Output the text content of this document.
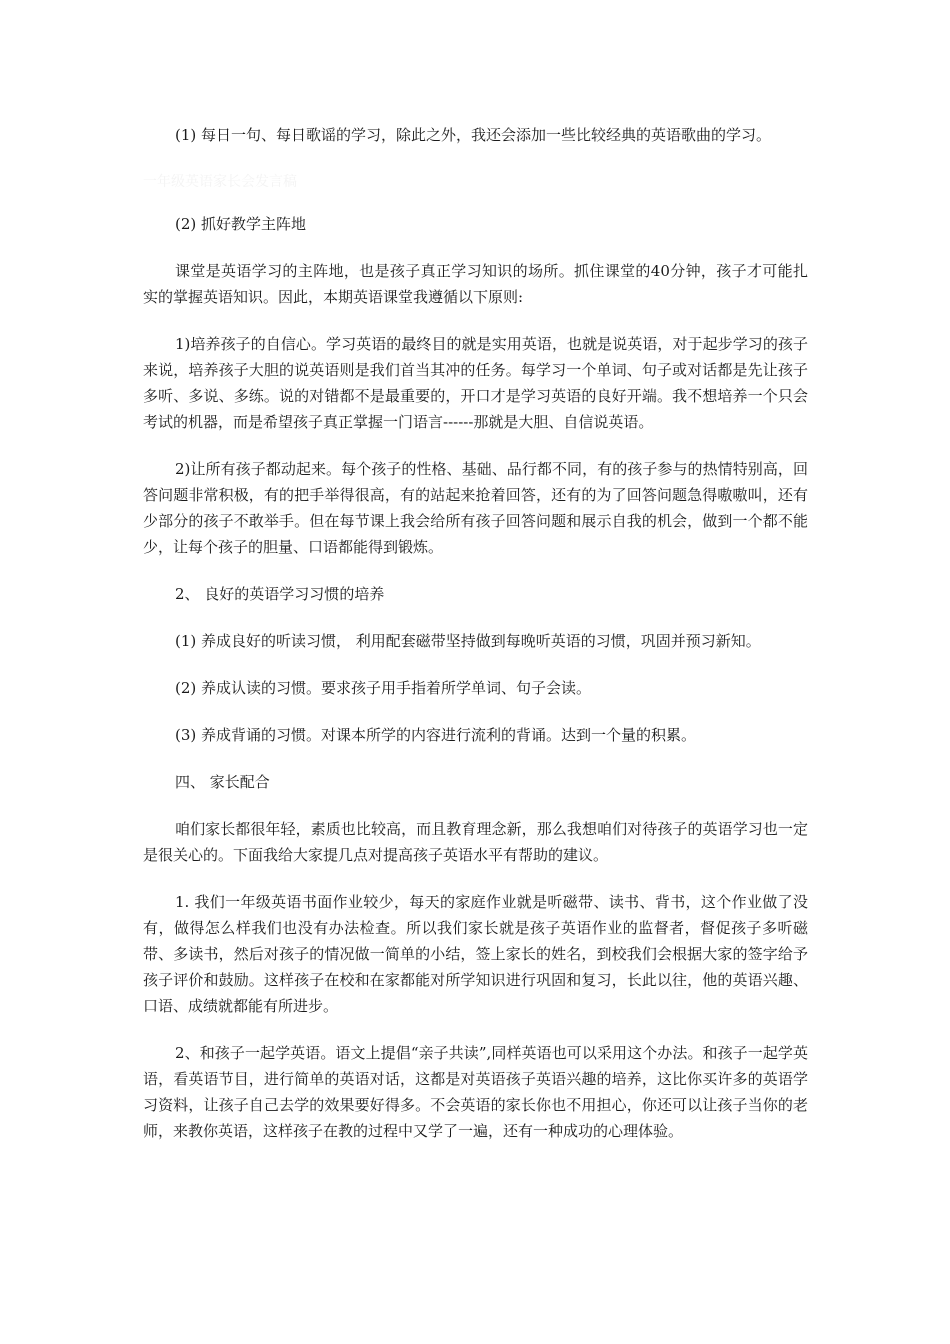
(1) 每日一句、每日歌谣的学习，除此之外，我还会添加一些比较经典的英语歌曲的学习。

一年级英语家长会发言稿

(2) 抓好教学主阵地

课堂是英语学习的主阵地，也是孩子真正学习知识的场所。抓住课堂的40分钟，孩子才可能扎实的掌握英语知识。因此，本期英语课堂我遵循以下原则:

1)培养孩子的自信心。学习英语的最终目的就是实用英语，也就是说英语，对于起步学习的孩子来说，培养孩子大胆的说英语则是我们首当其冲的任务。每学习一个单词、句子或对话都是先让孩子多听、多说、多练。说的对错都不是最重要的，开口才是学习英语的良好开端。我不想培养一个只会考试的机器，而是希望孩子真正掌握一门语言------那就是大胆、自信说英语。

2)让所有孩子都动起来。每个孩子的性格、基础、品行都不同，有的孩子参与的热情特别高，回答问题非常积极，有的把手举得很高，有的站起来抢着回答，还有的为了回答问题急得嗷嗷叫，还有少部分的孩子不敢举手。但在每节课上我会给所有孩子回答问题和展示自我的机会，做到一个都不能少，让每个孩子的胆量、口语都能得到锻炼。

2、 良好的英语学习习惯的培养

(1) 养成良好的听读习惯， 利用配套磁带坚持做到每晚听英语的习惯，巩固并预习新知。

(2) 养成认读的习惯。要求孩子用手指着所学单词、句子会读。

(3) 养成背诵的习惯。对课本所学的内容进行流利的背诵。达到一个量的积累。

四、 家长配合

咱们家长都很年轻，素质也比较高，而且教育理念新，那么我想咱们对待孩子的英语学习也一定是很关心的。下面我给大家提几点对提高孩子英语水平有帮助的建议。

1. 我们一年级英语书面作业较少，每天的家庭作业就是听磁带、读书、背书，这个作业做了没有，做得怎么样我们也没有办法检查。所以我们家长就是孩子英语作业的监督者，督促孩子多听磁带、多读书，然后对孩子的情况做一简单的小结，签上家长的姓名，到校我们会根据大家的签字给予孩子评价和鼓励。这样孩子在校和在家都能对所学知识进行巩固和复习，长此以往，他的英语兴趣、口语、成绩就都能有所进步。

2、和孩子一起学英语。语文上提倡“亲子共读”,同样英语也可以采用这个办法。和孩子一起学英语，看英语节目，进行简单的英语对话，这都是对英语孩子英语兴趣的培养，这比你买许多的英语学习资料，让孩子自己去学的效果要好得多。不会英语的家长你也不用担心，你还可以让孩子当你的老师，来教你英语，这样孩子在教的过程中又学了一遍，还有一种成功的心理体验。
